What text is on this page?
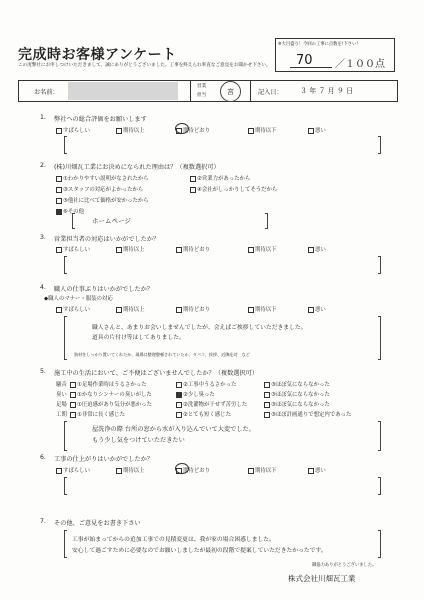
完成時お客様アンケート
この度弊社にお申しつけいただきまして、誠にありがとうございました。工事を終えられ率直なご意見をお聞かせ下さい。
※大目盛り！今回の工事に点数を!下さい！
70 ／１００点
お名前：
営業
担当	宮	記入日： ３ 年 ７ 月 ９ 日
1. 弊社への総合評価をお願いします
すばらしい	期待以上	期待どおり	期待以下	悪い
2. (株)川畑瓦工業にお決めになられた理由は？（複数選択可）
①わかりやすい説明がなされたから	②営業力があったから
③スタッフの対応がよかったから	④会社がしっかりしてそうだから
⑤他社に比べて価格が安かったから
⑥その他
ホームページ
3. 営業担当者の対応はいかがでしたか？
すばらしい	期待以上	期待どおり	期待以下	悪い
4. 職人の仕事ぶりはいかがでしたか？
◆職人のマナー・服装の対応
すばらしい	期待以上	期待どおり	期待以下	悪い
職人さんと、あまりお会いしませんでしたが、会えばご挨拶していただきました。
道具の片付け等はしてありました。
資材をしっかり置いてくれたか、現場は整理整頓されていたか、タバコ、挨拶、近隣応対　など
5. 施工中の生活において、ご不便はございませんでしたか？（複数選択可）
騒音	①足場作業時はうるさかった	②工事中うるさかった	③ほぼ気にならなかった
臭い	①かなりシンナーの臭いがした	②少し臭った	③ほぼ気にならなかった
足場	①圧迫感があり気分が悪かった	②洗濯物が干せず苦労した	③ほぼ気にならなかった
工期	①非常に長く感じた	②とても短く感じた	③ほぼ計画通りで想定内であった
屋洗浄の際 台所の窓から水が入り込んでいて大変でした。
もう少し気をつけていただきたい
6. 工事の仕上がりはいかがでしたか？
すばらしい	期待以上	期待どおり	期待以下	悪い
7. その他、ご意見をお書き下さい
工事が始まってからの追加工事での見積変更は、我が家の場合困惑しました。
安心して過ごすために必要なのでお願いしましたが最初の段階で提案していただきたかったです。
御協力ありがとうございました。
株式会社川畑瓦工業
